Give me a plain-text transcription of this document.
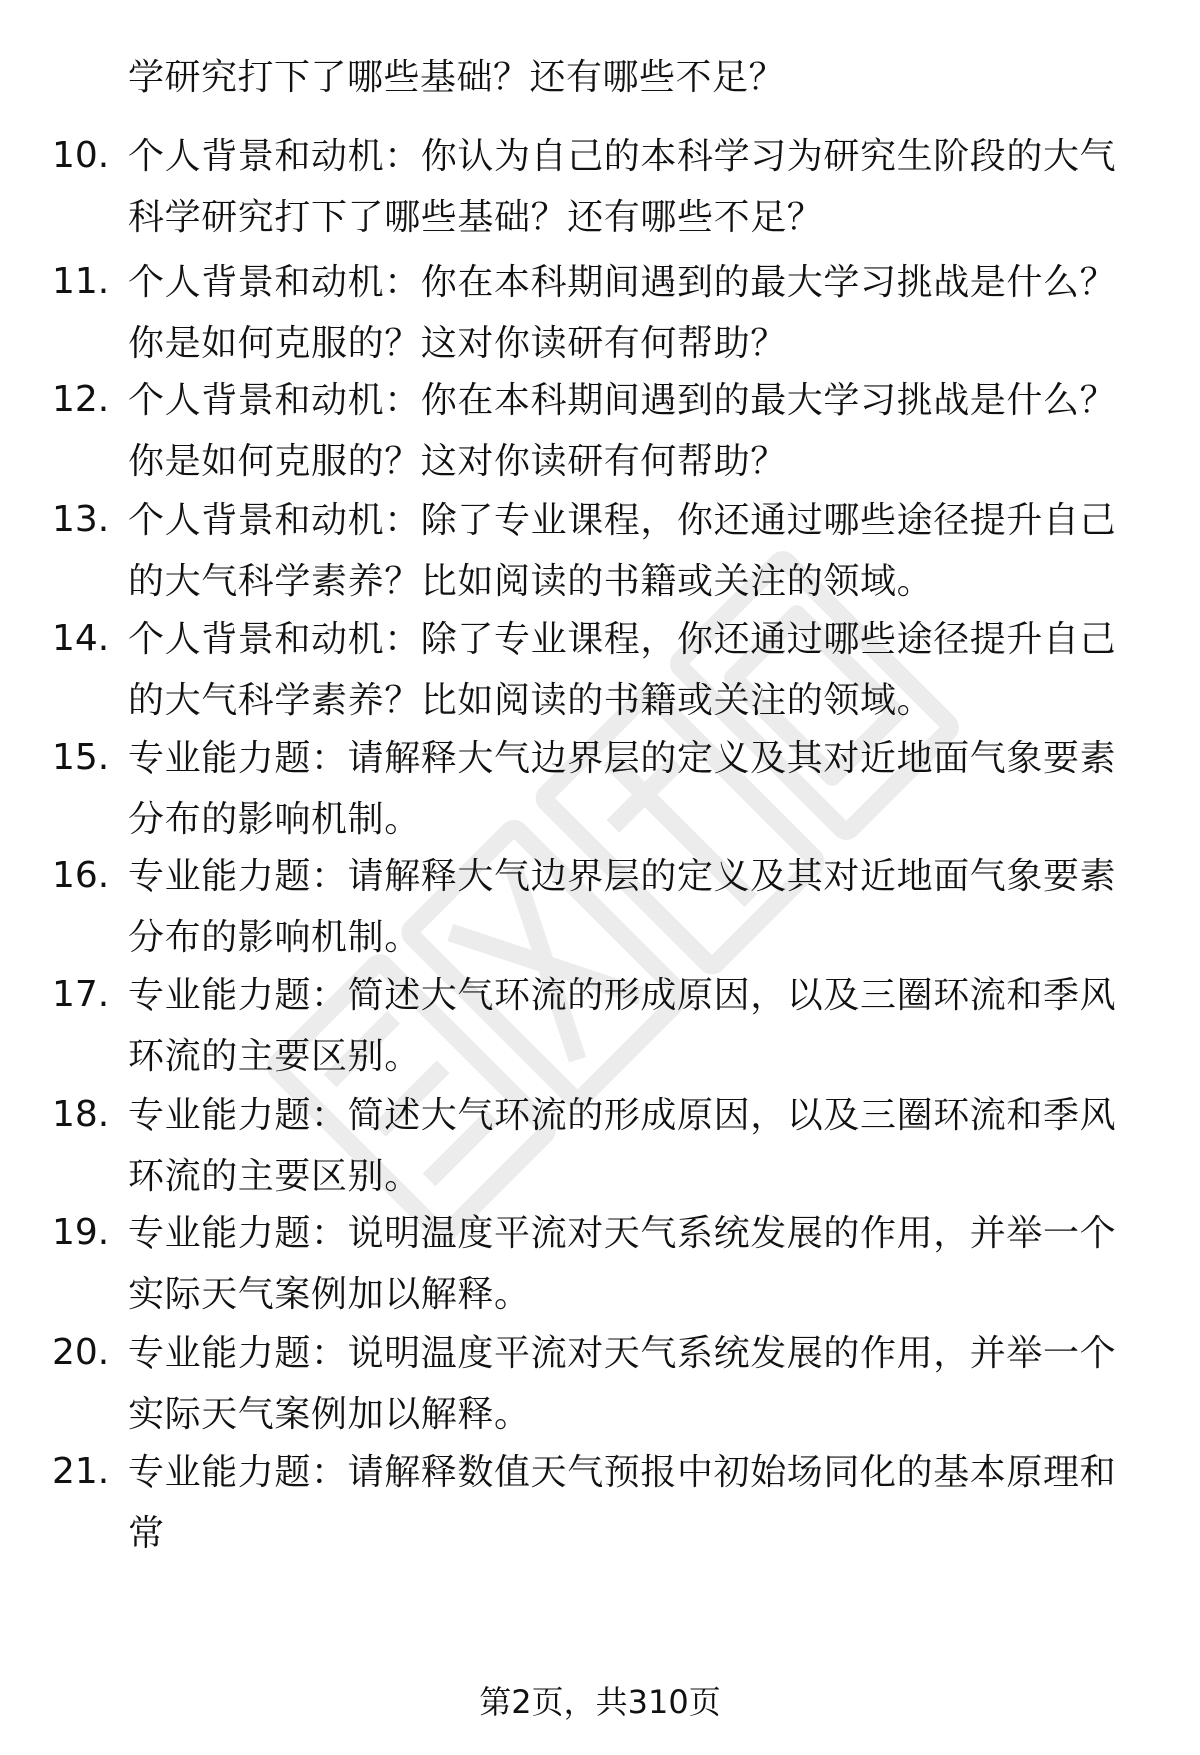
学研究打下了哪些基础？还有哪些不足？
10. 个人背景和动机：你认为自己的本科学习为研究生阶段的大气科学研究打下了哪些基础？还有哪些不足？
11. 个人背景和动机：你在本科期间遇到的最大学习挑战是什么？你是如何克服的？这对你读研有何帮助？
12. 个人背景和动机：你在本科期间遇到的最大学习挑战是什么？你是如何克服的？这对你读研有何帮助？
13. 个人背景和动机：除了专业课程，你还通过哪些途径提升自己的大气科学素养？比如阅读的书籍或关注的领域。
14. 个人背景和动机：除了专业课程，你还通过哪些途径提升自己的大气科学素养？比如阅读的书籍或关注的领域。
15. 专业能力题：请解释大气边界层的定义及其对近地面气象要素分布的影响机制。
16. 专业能力题：请解释大气边界层的定义及其对近地面气象要素分布的影响机制。
17. 专业能力题：简述大气环流的形成原因，以及三圈环流和季风环流的主要区别。
18. 专业能力题：简述大气环流的形成原因，以及三圈环流和季风环流的主要区别。
19. 专业能力题：说明温度平流对天气系统发展的作用，并举一个实际天气案例加以解释。
20. 专业能力题：说明温度平流对天气系统发展的作用，并举一个实际天气案例加以解释。
21. 专业能力题：请解释数值天气预报中初始场同化的基本原理和常
第2页，共310页
